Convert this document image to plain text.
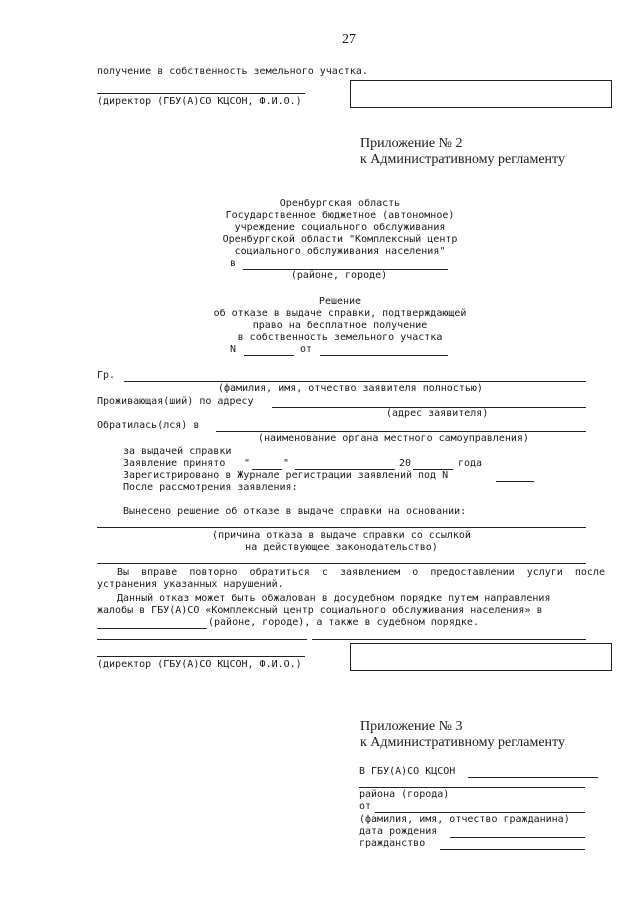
27
получение в собственность земельного участка.
(директор (ГБУ(А)СО КЦСОН, Ф.И.О.)
Приложение № 2
к Административному регламенту
Оренбургская область
Государственное бюджетное (автономное)
учреждение социального обслуживания
Оренбургской области "Комплексный центр
социального обслуживания населения"
в
(районе, городе)
Решение
об отказе в выдаче справки, подтверждающей
право на бесплатное получение
в собственность земельного участка
N	от
Гр.
(фамилия, имя, отчество заявителя полностью)
Проживающая(ший) по адресу
(адрес заявителя)
Обратилась(лся) в
(наименование органа местного самоуправления)
за выдачей справки
Заявление принято "	"	20	года
Зарегистрировано в Журнале регистрации заявлений под N
После рассмотрения заявления:
Вынесено решение об отказе в выдаче справки на основании:
(причина отказа в выдаче справки со ссылкой
на действующее законодательство)
Вы вправе повторно обратиться с заявлением о предоставлении услуги после устранения указанных нарушений.
Данный отказ может быть обжалован в досудебном порядке путем направления
жалобы в ГБУ(А)СО «Комплексный центр социального обслуживания населения» в
(районе, городе), а также в судебном порядке.
(директор (ГБУ(А)СО КЦСОН, Ф.И.О.)
Приложение № 3
к Административному регламенту
В ГБУ(А)СО КЦСОН
района (города)
от
(фамилия, имя, отчество гражданина)
дата рождения
гражданство
